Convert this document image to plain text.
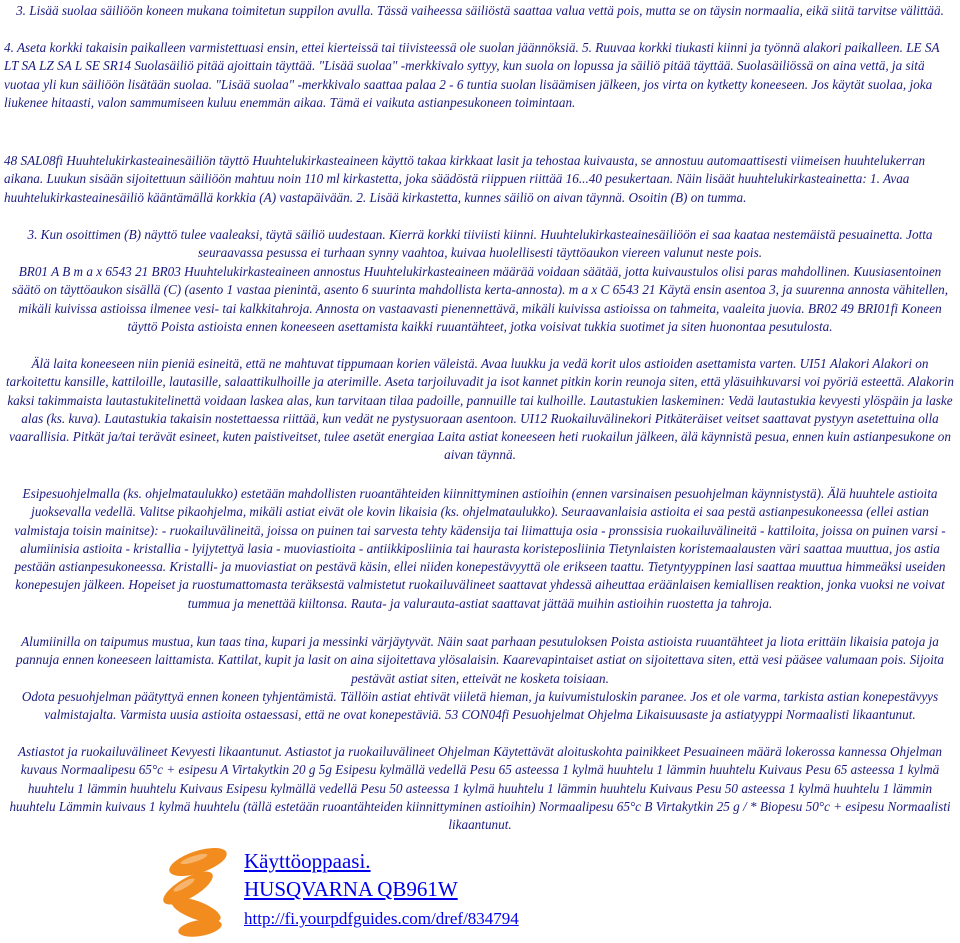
3. Lisää suolaa säiliöön koneen mukana toimitetun suppilon avulla. Tässä vaiheessa säiliöstä saattaa valua vettä pois, mutta se on täysin normaalia, eikä siitä tarvitse välittää.

4. Aseta korkki takaisin paikalleen varmistettuasi ensin, ettei kierteissä tai tiivisteessä ole suolan jäännöksiä. 5. Ruuvaa korkki tiukasti kiinni ja työnnä alakori paikalleen. LE SA LT SA LZ SA L SE SR14 Suolasäiliö pitää ajoittain täyttää. "Lisää suolaa" -merkkivalo syttyy, kun suola on lopussa ja säiliö pitää täyttää. Suolasäiliössä on aina vettä, ja sitä vuotaa yli kun säiliöön lisätään suolaa. "Lisää suolaa" -merkkivalo saattaa palaa 2 - 6 tuntia suolan lisäämisen jälkeen, jos virta on kytketty koneeseen. Jos käytät suolaa, joka liukenee hitaasti, valon sammumiseen kuluu enemmän aikaa. Tämä ei vaikuta astianpesukoneen toimintaan.

48 SAL08fi Huuhtelukirkasteainesäiliön täyttö Huuhtelukirkasteaineen käyttö takaa kirkkaat lasit ja tehostaa kuivausta, se annostuu automaattisesti viimeisen huuhtelukerran aikana. Luukun sisään sijoitettuun säiliöön mahtuu noin 110 ml kirkastetta, joka säädöstä riippuen riittää 16...40 pesukertaan. Näin lisäät huuhtelukirkasteainetta: 1. Avaa huuhtelukirkasteainesäiliö kääntämällä korkkia (A) vastapäivään. 2. Lisää kirkastetta, kunnes säiliö on aivan täynnä. Osoitin (B) on tumma.

3. Kun osoittimen (B) näyttö tulee vaaleaksi, täytä säiliö uudestaan. Kierrä korkki tiiviisti kiinni. Huuhtelukirkasteainesäiliöön ei saa kaataa nestemäistä pesuainetta. Jotta seuraavassa pesussa ei turhaan synny vaahtoa, kuivaa huolellisesti täyttöaukon viereen valunut neste pois.

BR01 A B m a x 6543 21 BR03 Huuhtelukirkasteaineen annostus Huuhtelukirkasteaineen määrää voidaan säätää, jotta kuivaustulos olisi paras mahdollinen. Kuusiasentoinen säätö on täyttöaukon sisällä (C) (asento 1 vastaa pienintä, asento 6 suurinta mahdollista kerta-annosta). m a x C 6543 21 Käytä ensin asentoa 3, ja suurenna annosta vähitellen, mikäli kuivissa astioissa ilmenee vesi- tai kalkkitahroja. Annosta on vastaavasti pienennettävä, mikäli kuivissa astioissa on tahmeita, vaaleita juovia. BR02 49 BRI01fi Koneen täyttö Poista astioista ennen koneeseen asettamista kaikki ruuantähteet, jotka voisivat tukkia suotimet ja siten huonontaa pesutulosta.

Älä laita koneeseen niin pieniä esineitä, että ne mahtuvat tippumaan korien väleistä. Avaa luukku ja vedä korit ulos astioiden asettamista varten. UI51 Alakori Alakori on tarkoitettu kansille, kattiloille, lautasille, salaattikulhoille ja aterimille. Aseta tarjoiluvadit ja isot kannet pitkin korin reunoja siten, että yläsuihkuvarsi voi pyöriä esteettä. Alakorin kaksi takimmaista lautastukitelinettä voidaan laskea alas, kun tarvitaan tilaa padoille, pannuille tai kulhoille. Lautastukien laskeminen: Vedä lautastukia kevyesti ylöspäin ja laske alas (ks. kuva). Lautastukia takaisin nostettaessa riittää, kun vedät ne pystysuoraan asentoon. UI12 Ruokailuvälinekori Pitkäteräiset veitset saattavat pystyyn asetettuina olla vaarallisia. Pitkät ja/tai terävät esineet, kuten paistiveitset, tulee asetät energiaa Laita astiat koneeseen heti ruokailun jälkeen, älä käynnistä pesua, ennen kuin astianpesukone on aivan täynnä.

Esipesuohjelmalla (ks. ohjelmataulukko) estetään mahdollisten ruoantähteiden kiinnittyminen astioihin (ennen varsinaisen pesuohjelman käynnistystä). Älä huuhtele astioita juoksevalla vedellä. Valitse pikaohjelma, mikäli astiat eivät ole kovin likaisia (ks. ohjelmataulukko). Seuraavanlaisia astioita ei saa pestä astianpesukoneessa (ellei astian valmistaja toisin mainitse): - ruokailuvälineitä, joissa on puinen tai sarvesta tehty kädensija tai liimattuja osia - pronssisia ruokailuvälineitä - kattiloita, joissa on puinen varsi - alumiinisia astioita - kristallia - lyijytettyä lasia - muoviastioita - antiikkiposliinia tai haurasta koristeposliinia Tietynlaisten koristemaalausten väri saattaa muuttua, jos astia pestään astianpesukoneessa. Kristalli- ja muoviastiat on pestävä käsin, ellei niiden konepestävyyttä ole erikseen taattu. Tietyntyyppinen lasi saattaa muuttua himmeäksi useiden konepesujen jälkeen. Hopeiset ja ruostumattomasta teräksestä valmistetut ruokailuvälineet saattavat yhdessä aiheuttaa eräänlaisen kemiallisen reaktion, jonka vuoksi ne voivat tummua ja menettää kiiltonsa. Rauta- ja valurauta-astiat saattavat jättää muihin astioihin ruostetta ja tahroja.

Alumiinilla on taipumus mustua, kun taas tina, kupari ja messinki värjäytyvät. Näin saat parhaan pesutuloksen Poista astioista ruuantähteet ja liota erittäin likaisia patoja ja pannuja ennen koneeseen laittamista. Kattilat, kupit ja lasit on aina sijoitettava ylösalaisin. Kaarevapintaiset astiat on sijoitettava siten, että vesi pääsee valumaan pois. Sijoita pestävät astiat siten, etteivät ne kosketa toisiaan.

Odota pesuohjelman päätyttyä ennen koneen tyhjentämistä. Tällöin astiat ehtivät viiletä hieman, ja kuivumistuloskin paranee. Jos et ole varma, tarkista astian konepestävyys valmistajalta. Varmista uusia astioita ostaessasi, että ne ovat konepestäviä. 53 CON04fi Pesuohjelmat Ohjelma Likaisuusaste ja astiatyyppi Normaalisti likaantunut.

Astiastot ja ruokailuvälineet Kevyesti likaantunut. Astiastot ja ruokailuvälineet Ohjelman Käytettävät aloituskohta painikkeet Pesuaineen määrä lokerossa kannessa Ohjelman kuvaus Normaalipesu 65°c + esipesu A Virtakytkin 20 g 5g Esipesu kylmällä vedellä Pesu 65 asteessa 1 kylmä huuhtelu 1 lämmin huuhtelu Kuivaus Pesu 65 asteessa 1 kylmä huuhtelu 1 lämmin huuhtelu Kuivaus Esipesu kylmällä vedellä Pesu 50 asteessa 1 kylmä huuhtelu 1 lämmin huuhtelu Kuivaus Pesu 50 asteessa 1 kylmä huuhtelu 1 lämmin huuhtelu Lämmin kuivaus 1 kylmä huuhtelu (tällä estetään ruoantähteiden kiinnittyminen astioihin) Normaalipesu 65°c B Virtakytkin 25 g / * Biopesu 50°c + esipesu Normaalisti likaantunut.

Käyttöoppaasi.
HUSQVARNA QB961W
http://fi.yourpdfguides.com/dref/834794
